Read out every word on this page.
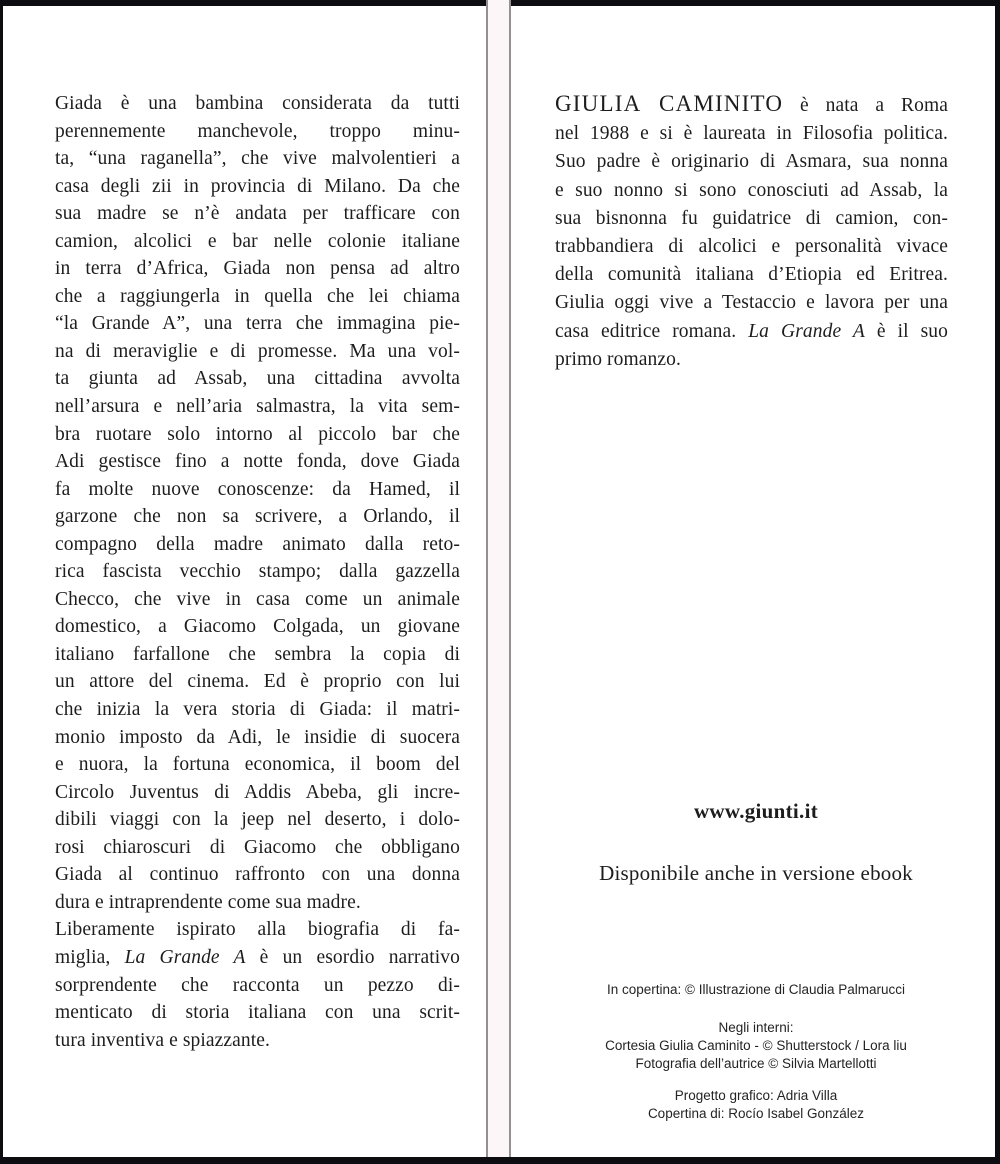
Giada è una bambina considerata da tutti
perennemente manchevole, troppo minu-
ta, “una raganella”, che vive malvolentieri a
casa degli zii in provincia di Milano. Da che
sua madre se n’è andata per trafficare con
camion, alcolici e bar nelle colonie italiane
in terra d’Africa, Giada non pensa ad altro
che a raggiungerla in quella che lei chiama
“la Grande A”, una terra che immagina pie-
na di meraviglie e di promesse. Ma una vol-
ta giunta ad Assab, una cittadina avvolta
nell’arsura e nell’aria salmastra, la vita sem-
bra ruotare solo intorno al piccolo bar che
Adi gestisce fino a notte fonda, dove Giada
fa molte nuove conoscenze: da Hamed, il
garzone che non sa scrivere, a Orlando, il
compagno della madre animato dalla reto-
rica fascista vecchio stampo; dalla gazzella
Checco, che vive in casa come un animale
domestico, a Giacomo Colgada, un giovane
italiano farfallone che sembra la copia di
un attore del cinema. Ed è proprio con lui
che inizia la vera storia di Giada: il matri-
monio imposto da Adi, le insidie di suocera
e nuora, la fortuna economica, il boom del
Circolo Juventus di Addis Abeba, gli incre-
dibili viaggi con la jeep nel deserto, i dolo-
rosi chiaroscuri di Giacomo che obbligano
Giada al continuo raffronto con una donna
dura e intraprendente come sua madre.
Liberamente ispirato alla biografia di fa-
miglia, La Grande A è un esordio narrativo
sorprendente che racconta un pezzo di-
menticato di storia italiana con una scrit-
tura inventiva e spiazzante.
GIULIA CAMINITO è nata a Roma
nel 1988 e si è laureata in Filosofia politica.
Suo padre è originario di Asmara, sua nonna
e suo nonno si sono conosciuti ad Assab, la
sua bisnonna fu guidatrice di camion, con-
trabbandiera di alcolici e personalità vivace
della comunità italiana d’Etiopia ed Eritrea.
Giulia oggi vive a Testaccio e lavora per una
casa editrice romana. La Grande A è il suo
primo romanzo.
www.giunti.it
Disponibile anche in versione ebook
In copertina: © Illustrazione di Claudia Palmarucci
Negli interni:
Cortesia Giulia Caminito - © Shutterstock / Lora liu
Fotografia dell’autrice © Silvia Martellotti
Progetto grafico: Adria Villa
Copertina di: Rocío Isabel González
